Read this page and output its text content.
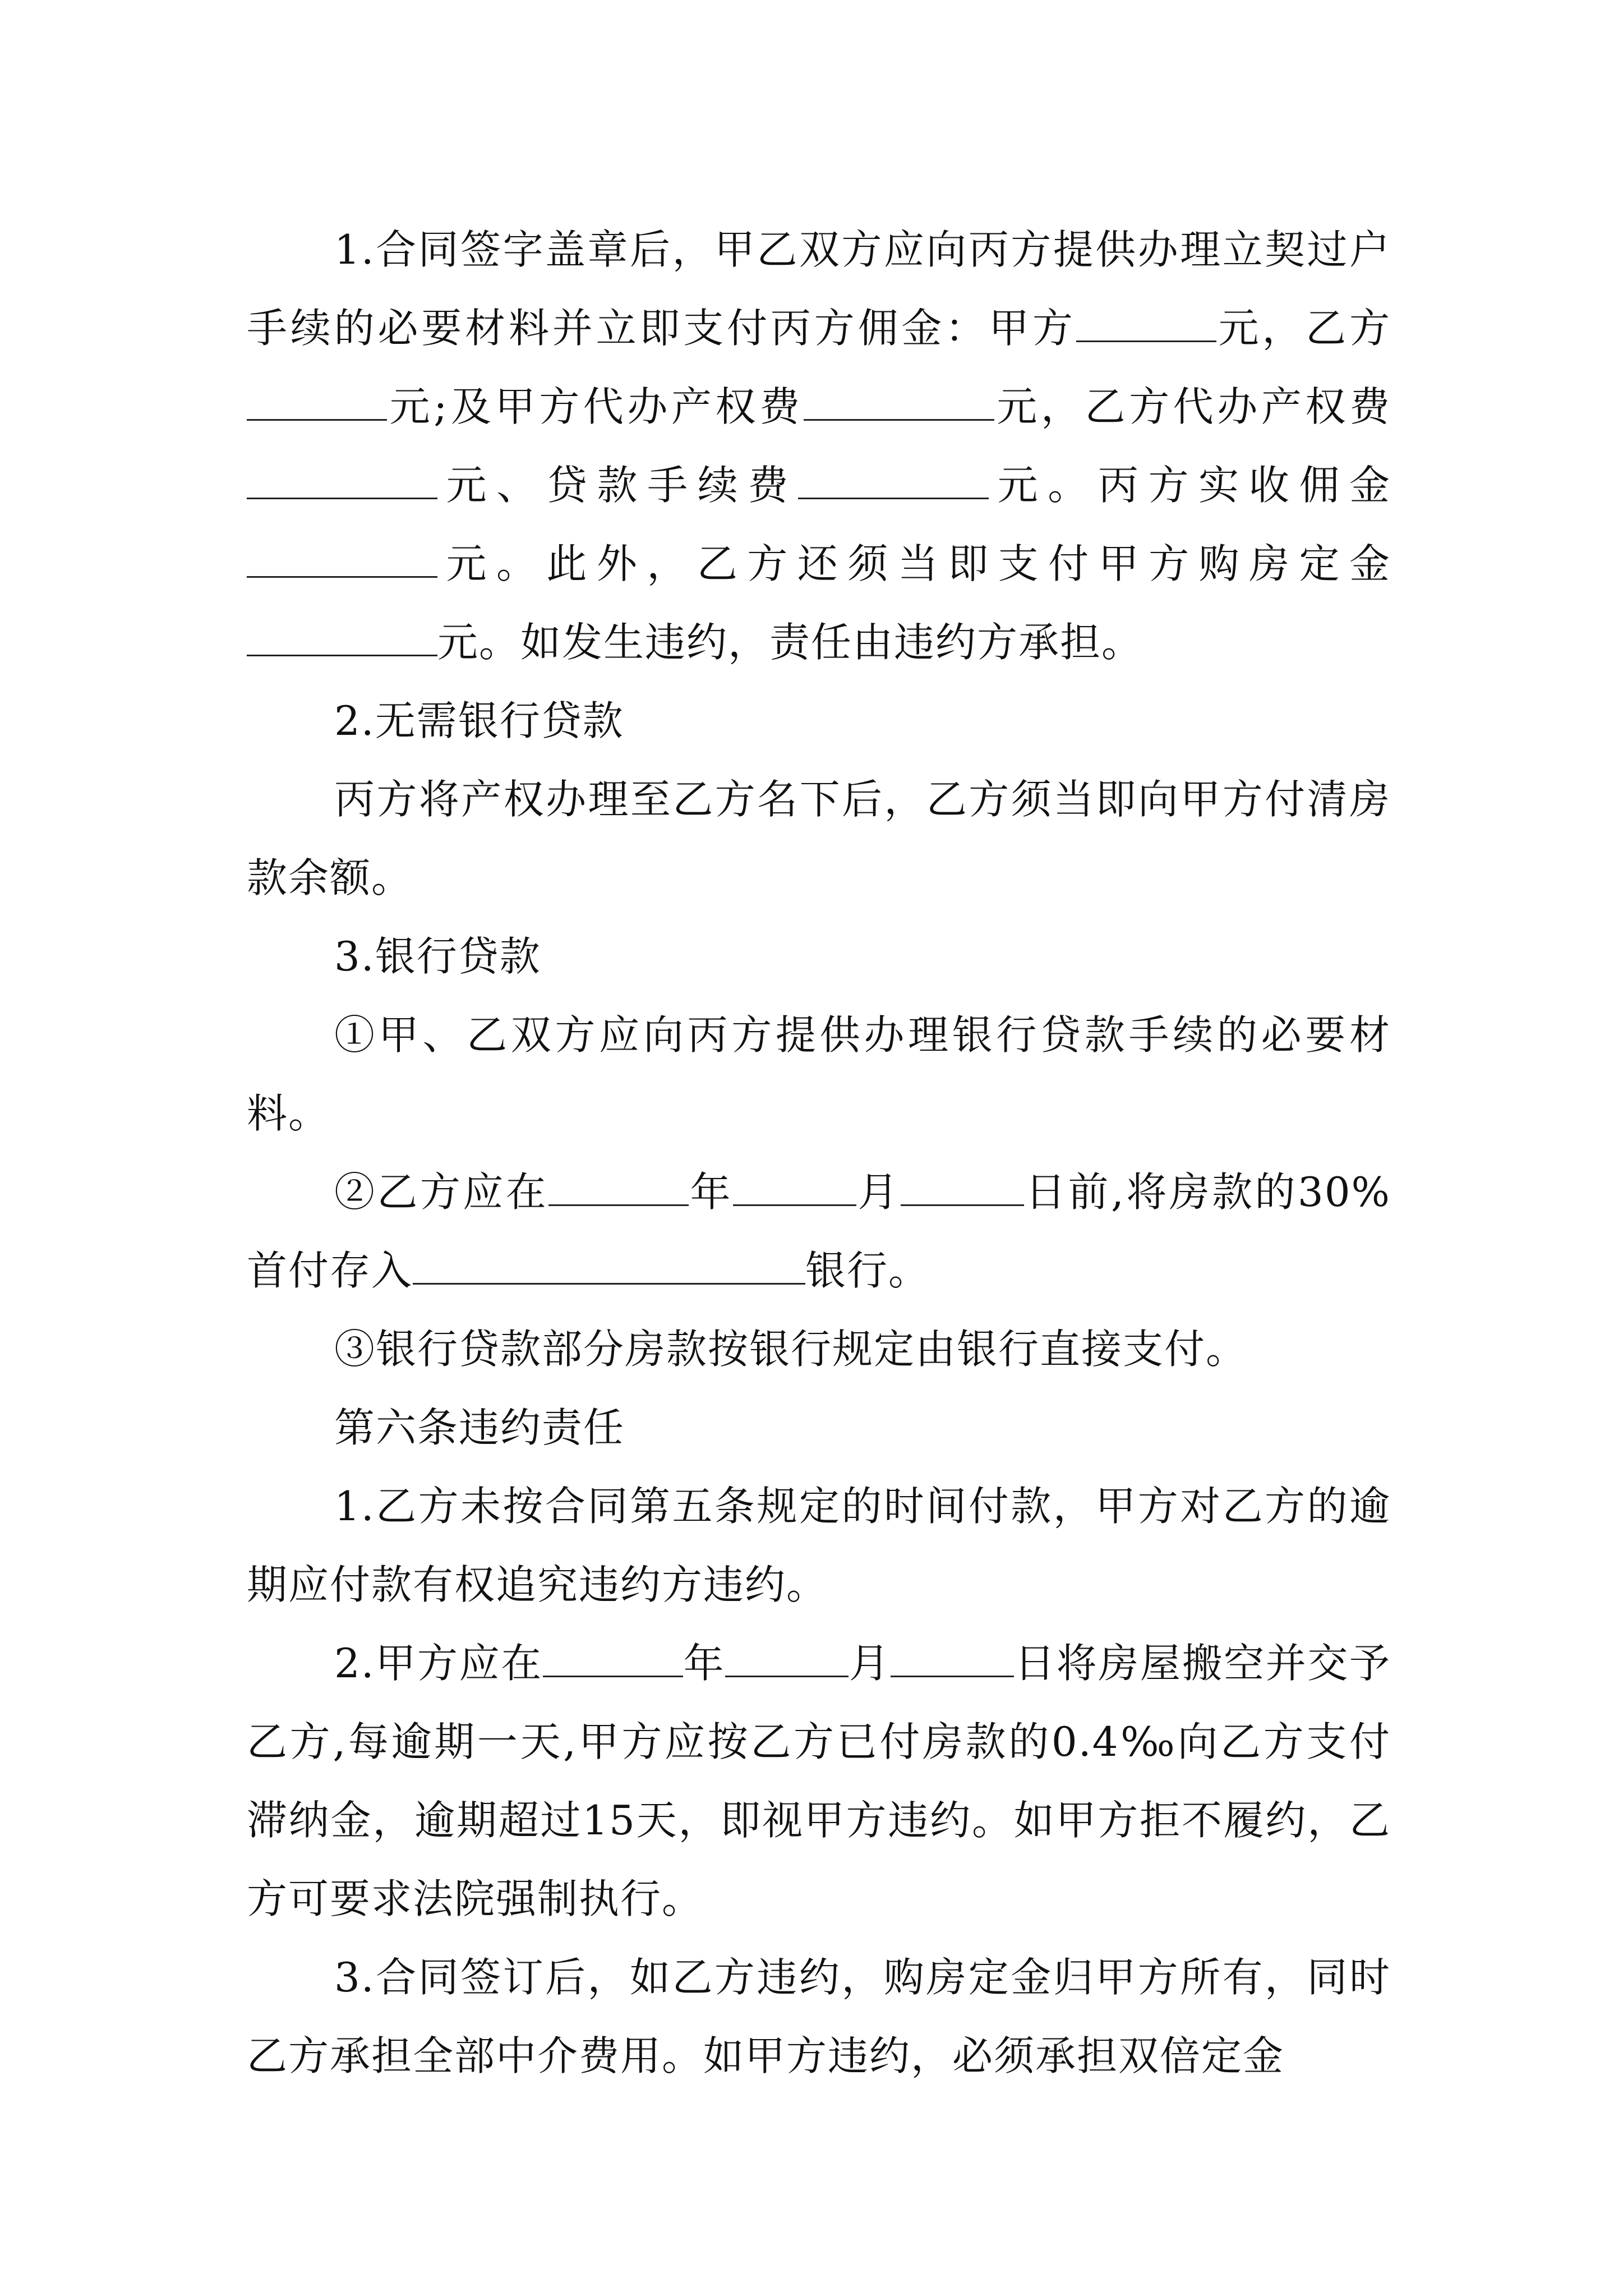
1.合同签字盖章后，甲乙双方应向丙方提供办理立契过户手续的必要材料并立即支付丙方佣金：甲方	元，乙方元;及甲方代办产权费	元，乙方代办产权费元、贷款手续费	元。丙方实收佣金元。此外，乙方还须当即支付甲方购房定金元。如发生违约，责任由违约方承担。

2.无需银行贷款

丙方将产权办理至乙方名下后，乙方须当即向甲方付清房款余额。

3.银行贷款

①甲、乙双方应向丙方提供办理银行贷款手续的必要材料。

②乙方应在	年	月	日前,将房款的30%首付存入	银行。

③银行贷款部分房款按银行规定由银行直接支付。

第六条违约责任

1.乙方未按合同第五条规定的时间付款，甲方对乙方的逾期应付款有权追究违约方违约。

2.甲方应在	年	月	日将房屋搬空并交予乙方,每逾期一天,甲方应按乙方已付房款的0.4‰向乙方支付滞纳金，逾期超过15天，即视甲方违约。如甲方拒不履约，乙方可要求法院强制执行。

3.合同签订后，如乙方违约，购房定金归甲方所有，同时乙方承担全部中介费用。如甲方违约，必须承担双倍定金
